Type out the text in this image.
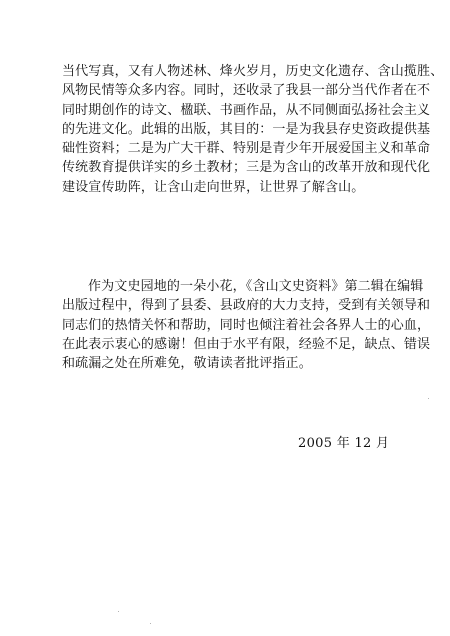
当代写真，又有人物述林、烽火岁月，历史文化遗存、含山揽胜、
风物民情等众多内容。同时，还收录了我县一部分当代作者在不
同时期创作的诗文、楹联、书画作品，从不同侧面弘扬社会主义
的先进文化。此辑的出版，其目的：一是为我县存史资政提供基
础性资料；二是为广大干群、特别是青少年开展爱国主义和革命
传统教育提供详实的乡土教材；三是为含山的改革开放和现代化
建设宣传助阵，让含山走向世界，让世界了解含山。
作为文史园地的一朵小花，《含山文史资料》第二辑在编辑
出版过程中，得到了县委、县政府的大力支持，受到有关领导和
同志们的热情关怀和帮助，同时也倾注着社会各界人士的心血，
在此表示衷心的感谢！但由于水平有限，经验不足，缺点、错误
和疏漏之处在所难免，敬请读者批评指正。
2005 年 12 月
